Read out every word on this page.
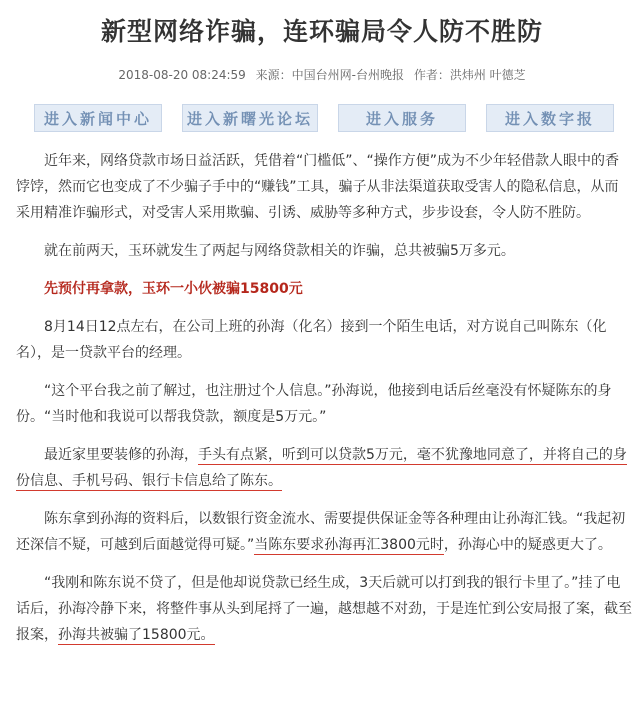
新型网络诈骗，连环骗局令人防不胜防
2018-08-20 08:24:59 来源：中国台州网-台州晚报 作者：洪炜州 叶德芝
进入新闻中心	进入新曙光论坛	进入服务	进入数字报

近年来，网络贷款市场日益活跃，凭借着“门槛低”、“操作方便”成为不少年轻借款人眼中的香饽饽，然而它也变成了不少骗子手中的“赚钱”工具，骗子从非法渠道获取受害人的隐私信息，从而采用精准诈骗形式，对受害人采用欺骗、引诱、威胁等多种方式，步步设套，令人防不胜防。

就在前两天，玉环就发生了两起与网络贷款相关的诈骗，总共被骗5万多元。

先预付再拿款，玉环一小伙被骗15800元

8月14日12点左右，在公司上班的孙海（化名）接到一个陌生电话，对方说自己叫陈东（化名），是一贷款平台的经理。

“这个平台我之前了解过，也注册过个人信息。”孙海说，他接到电话后丝毫没有怀疑陈东的身份。“当时他和我说可以帮我贷款，额度是5万元。”

最近家里要装修的孙海，手头有点紧，听到可以贷款5万元，毫不犹豫地同意了，并将自己的身份信息、手机号码、银行卡信息给了陈东。

陈东拿到孙海的资料后，以数银行资金流水、需要提供保证金等各种理由让孙海汇钱。“我起初还深信不疑，可越到后面越觉得可疑。”当陈东要求孙海再汇3800元时，孙海心中的疑惑更大了。

“我刚和陈东说不贷了，但是他却说贷款已经生成，3天后就可以打到我的银行卡里了。”挂了电话后，孙海冷静下来，将整件事从头到尾捋了一遍，越想越不对劲，于是连忙到公安局报了案，截至报案，孙海共被骗了15800元。
